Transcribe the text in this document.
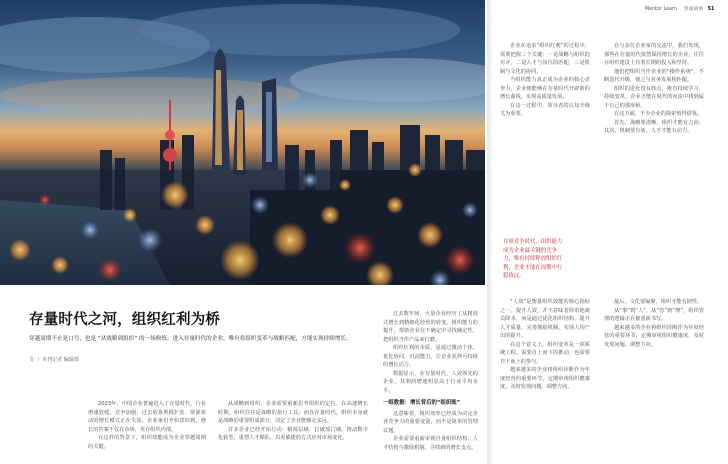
Mentor Learn 封面故事 51
存量时代之河，组织红利为桥
穿越周期不止是口号，也是 “从战略到组织” 的一场修炼。进入存量时代的企业，唯有将组织变革与战略匹配，方能实现持续增长。
文 ｜ 本刊记者 编辑部

2023年，中国企业普遍进入了存量时代，行业增速放缓、竞争加剧，过去依靠规模扩张、资源驱动的增长模式正在失效。企业家们开始意识到，增长的答案不仅在市场，更在组织内部。

在这样的背景下，组织效能成为企业穿越周期的关键。

从战略到组织，企业需要重新思考组织的定位。在高速增长时期，组织往往是战略的执行工具；而在存量时代，组织本身就是战略的重要组成部分，决定了企业能够走多远。

许多企业已经开始行动：精简层级、打破部门墙、推动数字化转型、重塑人才梯队，以更敏捷的方式应对市场变化。

过去数年间，大量企业经历了从粗放式增长到精细化经营的转变。组织能力的提升，帮助企业在不确定中寻找确定性，把组织当作产品来打磨。

组织红利的本质，是通过激活个体、优化协同、沉淀能力，让企业获得可持续的增长动力。

数据显示，在存量时代，人效领先的企业，其利润增速明显高于行业平均水平。

一组数据：增长背后的“组织账”

这意味着，组织效率已经成为决定企业竞争力的重要变量，而不是简单的管理议题。

企业需要重新审视自身组织结构、人才结构与激励机制，寻找新的增长支点。

企业在追求“组织红利”的过程中，需要把握三个关键：一是战略与组织的对齐，二是人才与岗位的匹配，三是机制与文化的协同。

当组织能力真正成为企业的核心竞争力，企业便能够在存量时代开辟新的增长曲线，实现高质量发展。

在这一过程中，领导者的认知升级尤为重要。

存量竞争时代，组织能力
成为企业最关键的竞争
力，唯有持续释放组织红
利，企业才能在周期中行
稳致远。

“人效”是衡量组织效能的核心指标之一。提升人效，并不意味着简单地裁员降本，而是通过优化组织结构、提升人才质量、完善激励机制，实现人均产出的提升。

在这个意义上，组织变革是一项系统工程，需要自上而下的推动，也需要自下而上的参与。

越来越多的企业将组织诊断作为年度经营的重要环节，定期审视组织健康度，及时发现问题、调整方向。

在与多位企业家的交流中，我们发现，那些在存量时代依然保持增长的企业，往往在组织建设上有着长期的投入和坚持。

他们把组织当作企业的“操作系统”，不断迭代升级，使之与业务发展相匹配。

组织的进化没有终点，唯有持续学习、持续变革，企业才能在时代的河流中找到属于自己的那座桥。

在这方面，不少企业的探索值得借鉴。

首先，战略要清晰，组织才能有方向；其次，机制要有效，人才才能有动力。

最后，文化要凝聚，组织才能有韧性。

从“事”到“人”，从“管”到“理”，组织管理的逻辑正在被重新书写。

越来越多的企业将组织诊断作为年度经营的重要环节，定期审视组织健康度，及时发现问题、调整方向。
